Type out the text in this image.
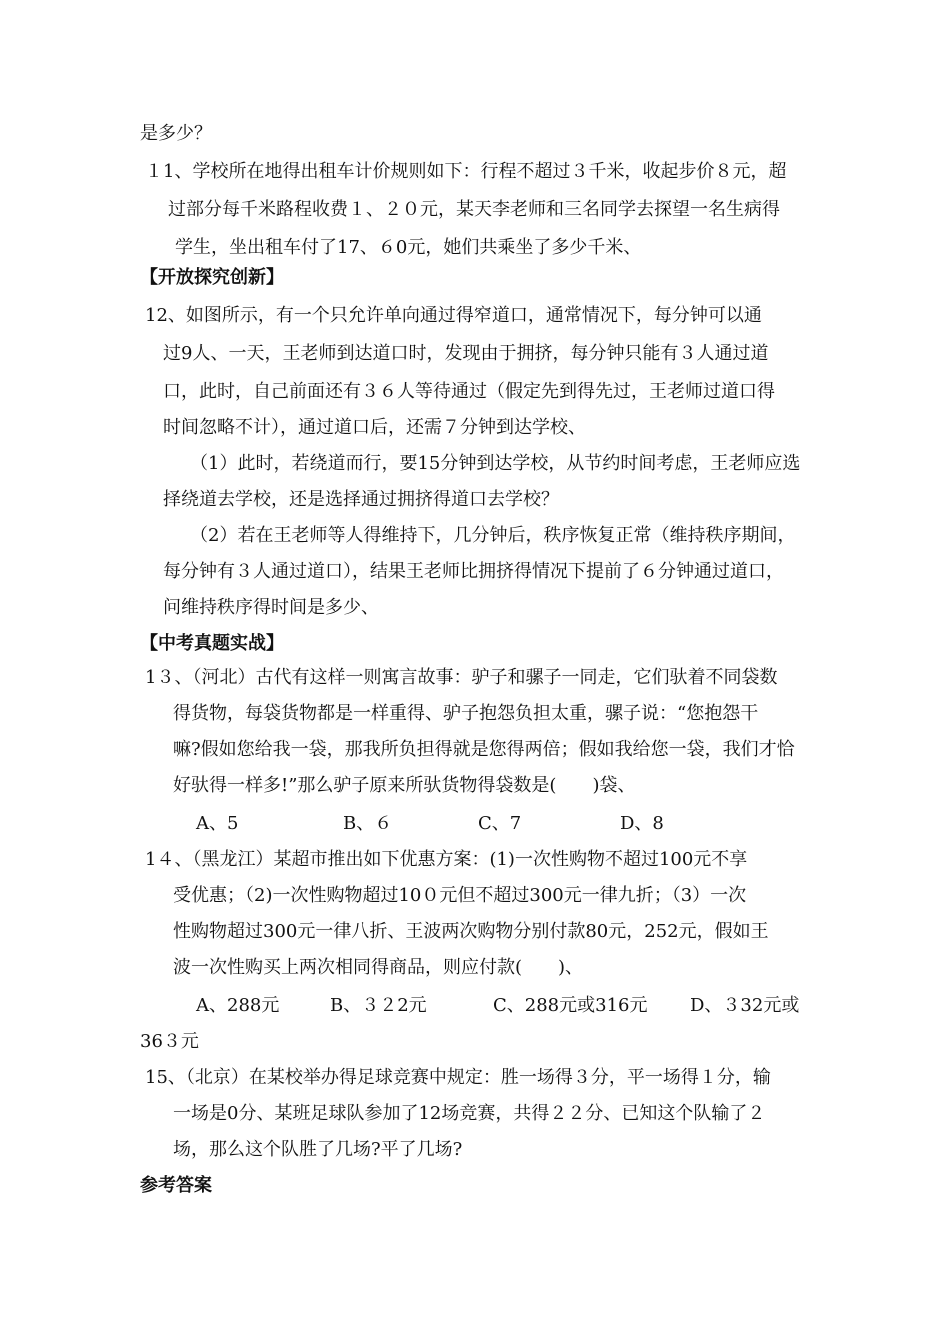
是多少？
１1、学校所在地得出租车计价规则如下：行程不超过３千米，收起步价８元，超
过部分每千米路程收费１、２０元，某天李老师和三名同学去探望一名生病得
学生，坐出租车付了17、６0元，她们共乘坐了多少千米、
【开放探究创新】
12、如图所示，有一个只允许单向通过得窄道口，通常情况下，每分钟可以通
过9人、一天，王老师到达道口时，发现由于拥挤，每分钟只能有３人通过道
口，此时，自己前面还有３６人等待通过（假定先到得先过，王老师过道口得
时间忽略不计），通过道口后，还需７分钟到达学校、
（1）此时，若绕道而行，要15分钟到达学校，从节约时间考虑，王老师应选
择绕道去学校，还是选择通过拥挤得道口去学校？
（2）若在王老师等人得维持下，几分钟后，秩序恢复正常（维持秩序期间，
每分钟有３人通过道口），结果王老师比拥挤得情况下提前了６分钟通过道口，
问维持秩序得时间是多少、
【中考真题实战】
1３、（河北）古代有这样一则寓言故事：驴子和骡子一同走，它们驮着不同袋数
得货物，每袋货物都是一样重得、驴子抱怨负担太重，骡子说：“您抱怨干
嘛?假如您给我一袋，那我所负担得就是您得两倍；假如我给您一袋，我们才恰
好驮得一样多!”那么驴子原来所驮货物得袋数是(　　)袋、
A、5	B、６	C、7	D、8
1４、（黑龙江）某超市推出如下优惠方案：(1)一次性购物不超过100元不享
受优惠；（2)一次性购物超过10０元但不超过300元一律九折；（3）一次
性购物超过300元一律八折、王波两次购物分别付款80元，252元，假如王
波一次性购买上两次相同得商品，则应付款(　　)、
A、288元	B、３２2元	C、288元或316元 D、３32元或
36３元
15、（北京）在某校举办得足球竞赛中规定：胜一场得３分，平一场得１分，输
一场是0分、某班足球队参加了12场竞赛，共得２２分、已知这个队输了２
场，那么这个队胜了几场?平了几场?
参考答案
